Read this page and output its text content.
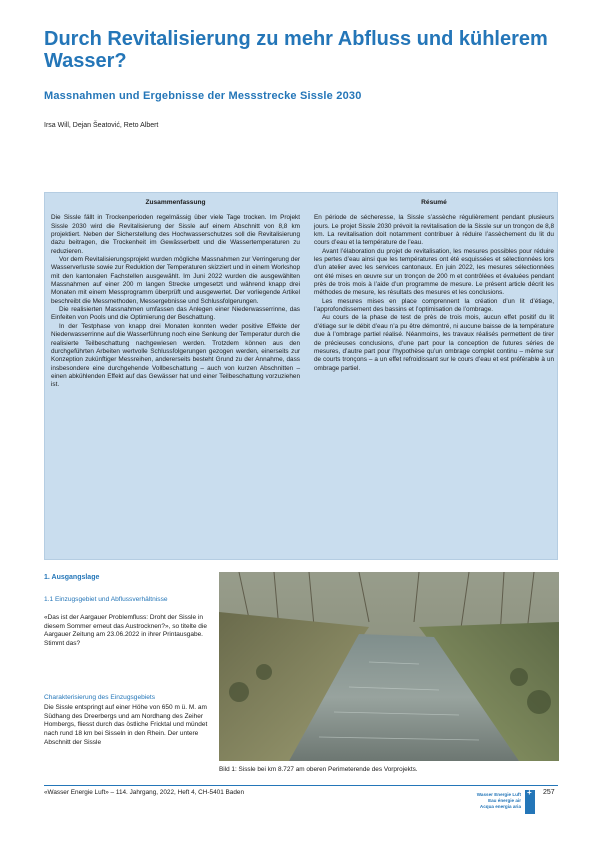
Durch Revitalisierung zu mehr Abfluss und kühlerem Wasser?
Massnahmen und Ergebnisse der Messstrecke Sissle 2030
Irsa Will, Dejan Šeatović, Reto Albert
Zusammenfassung

Die Sissle fällt in Trockenperioden regelmässig über viele Tage trocken. Im Projekt Sissle 2030 wird die Revitalisierung der Sissle auf einem Abschnitt von 8,8 km projektiert. Neben der Sicherstellung des Hochwasserschutzes soll die Revitalisierung dazu beitragen, die Trockenheit im Gewässerbett und die Wassertemperaturen zu reduzieren.

Vor dem Revitalisierungsprojekt wurden mögliche Massnahmen zur Verringerung der Wasserverluste sowie zur Reduktion der Temperaturen skizziert und in einem Workshop mit den kantonalen Fachstellen ausgewählt. Im Juni 2022 wurden die ausgewählten Massnahmen auf einer 200 m langen Strecke umgesetzt und während knapp drei Monaten mit einem Messprogramm überprüft und ausgewertet. Der vorliegende Artikel beschreibt die Messmethoden, Messergebnisse und Schlussfolgerungen.

Die realisierten Massnahmen umfassen das Anlegen einer Niederwasserrinne, das Einfeiten von Pools und die Optimierung der Beschattung.

In der Testphase von knapp drei Monaten konnten weder positive Effekte der Niederwasserrinne auf die Wasserführung noch eine Senkung der Temperatur durch die realisierte Teilbeschattung nachgewiesen werden. Trotzdem können aus den durchgeführten Arbeiten wertvolle Schlussfolgerungen gezogen werden, einerseits zur Konzeption zukünftiger Messreihen, andererseits besteht Grund zu der Annahme, dass insbesondere eine durchgehende Vollbeschattung – auch von kurzen Abschnitten – einen abkühlenden Effekt auf das Gewässer hat und einer Teilbeschattung vorzuziehen ist.

Résumé

En période de sécheresse, la Sissle s’assèche régulièrement pendant plusieurs jours. Le projet Sissle 2030 prévoit la revitalisation de la Sissle sur un tronçon de 8,8 km. La revitalisation doit notamment contribuer à réduire l’assèchement du lit du cours d’eau et la température de l’eau.

Avant l’élaboration du projet de revitalisation, les mesures possibles pour réduire les pertes d’eau ainsi que les températures ont été esquissées et sélectionnées lors d’un atelier avec les services cantonaux. En juin 2022, les mesures sélectionnées ont été mises en œuvre sur un tronçon de 200 m et contrôlées et évaluées pendant près de trois mois à l’aide d’un programme de mesure. Le présent article décrit les méthodes de mesure, les résultats des mesures et les conclusions.

Les mesures mises en place comprennent la création d’un lit d’étiage, l’approfondissement des bassins et l’optimisation de l’ombrage.

Au cours de la phase de test de près de trois mois, aucun effet positif du lit d’étiage sur le débit d’eau n’a pu être démontré, ni aucune baisse de la température due à l’ombrage partiel réalisé. Néanmoins, les travaux réalisés permettent de tirer de précieuses conclusions, d’une part pour la conception de futures séries de mesures, d’autre part pour l’hypothèse qu’un ombrage complet continu – même sur de courts tronçons – a un effet refroidissant sur le cours d’eau et est préférable à un ombrage partiel.

1. Ausgangslage
1.1 Einzugsgebiet und Abflussverhältnisse
«Das ist der Aargauer Problemfluss: Droht der Sissle in diesem Sommer erneut das Austrocknen?», so titelte die Aargauer Zeitung am 23.06.2022 in ihrer Printausgabe. Stimmt das?
Charakterisierung des Einzugsgebiets
Die Sissle entspringt auf einer Höhe von 650 m ü. M. am Südhang des Dreerbergs und am Nordhang des Zeiher Hombergs, fliesst durch das östliche Fricktal und mündet nach rund 18 km bei Sisseln in den Rhein. Der untere Abschnitt der Sissle
Bild 1: Sissle bei km 8.727 am oberen Perimeterende des Vorprojekts.
«Wasser Energie Luft» – 114. Jahrgang, 2022, Heft 4, CH-5401 Baden	Wasser Energie Luft
Eau énergie air
Acqua energia aria
+ 257
